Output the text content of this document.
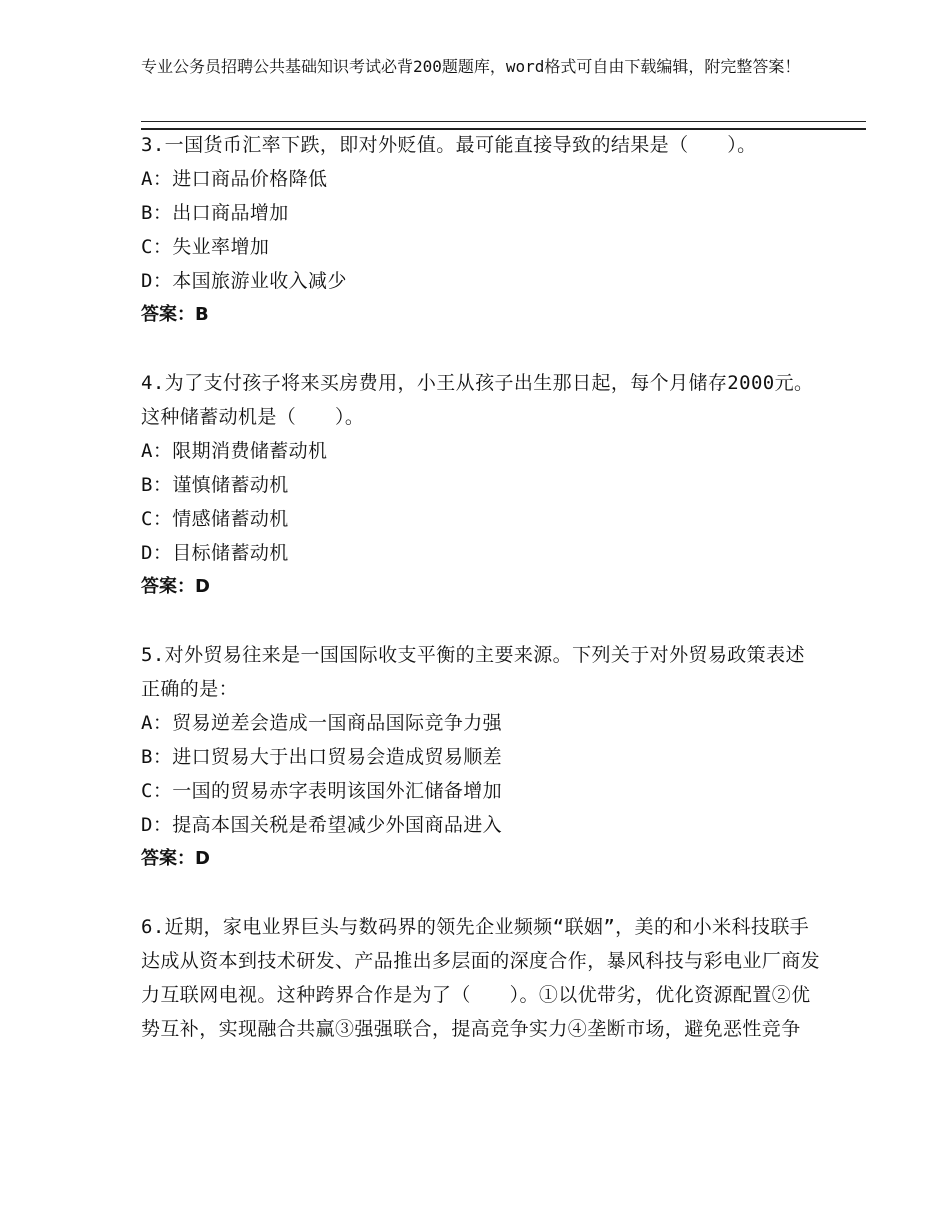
专业公务员招聘公共基础知识考试必背200题题库，word格式可自由下载编辑，附完整答案！

3.一国货币汇率下跌，即对外贬值。最可能直接导致的结果是（　　）。

A：进口商品价格降低
B：出口商品增加
C：失业率增加
D：本国旅游业收入减少
答案：B

4.为了支付孩子将来买房费用，小王从孩子出生那日起，每个月储存2000元。这种储蓄动机是（　　）。

A：限期消费储蓄动机
B：谨慎储蓄动机
C：情感储蓄动机
D：目标储蓄动机
答案：D

5.对外贸易往来是一国国际收支平衡的主要来源。下列关于对外贸易政策表述正确的是：

A：贸易逆差会造成一国商品国际竞争力强
B：进口贸易大于出口贸易会造成贸易顺差
C：一国的贸易赤字表明该国外汇储备增加
D：提高本国关税是希望减少外国商品进入
答案：D

6.近期，家电业界巨头与数码界的领先企业频频“联姻”，美的和小米科技联手达成从资本到技术研发、产品推出多层面的深度合作，暴风科技与彩电业厂商发力互联网电视。这种跨界合作是为了（　　）。①以优带劣，优化资源配置②优势互补，实现融合共赢③强强联合，提高竞争实力④垄断市场，避免恶性竞争
